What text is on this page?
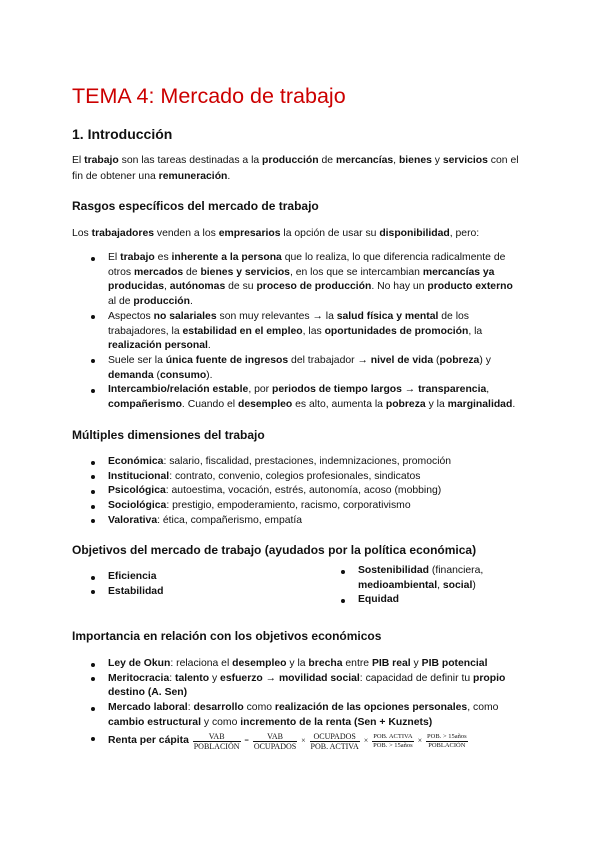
TEMA 4: Mercado de trabajo
1. Introducción

El trabajo son las tareas destinadas a la producción de mercancías, bienes y servicios con el
fin de obtener una remuneración.

Rasgos específicos del mercado de trabajo

Los trabajadores venden a los empresarios la opción de usar su disponibilidad, pero:

El trabajo es inherente a la persona que lo realiza, lo que diferencia radicalmente de
otros mercados de bienes y servicios, en los que se intercambian mercancías ya
producidas, autónomas de su proceso de producción. No hay un producto externo
al de producción.
Aspectos no salariales son muy relevantes → la salud física y mental de los
trabajadores, la estabilidad en el empleo, las oportunidades de promoción, la
realización personal.
Suele ser la única fuente de ingresos del trabajador → nivel de vida (pobreza) y
demanda (consumo).
Intercambio/relación estable, por periodos de tiempo largos → transparencia,
compañerismo. Cuando el desempleo es alto, aumenta la pobreza y la marginalidad.
Múltiples dimensiones del trabajo
Económica: salario, fiscalidad, prestaciones, indemnizaciones, promoción
Institucional: contrato, convenio, colegios profesionales, sindicatos
Psicológica: autoestima, vocación, estrés, autonomía, acoso (mobbing)
Sociológica: prestigio, empoderamiento, racismo, corporativismo
Valorativa: ética, compañerismo, empatía
Objetivos del mercado de trabajo (ayudados por la política económica)
Eficiencia
Estabilidad
Sostenibilidad (financiera,
medioambiental, social)
Equidad
Importancia en relación con los objetivos económicos
Ley de Okun: relaciona el desempleo y la brecha entre PIB real y PIB potencial
Meritocracia: talento y esfuerzo → movilidad social: capacidad de definir tu propio
destino (A. Sen)
Mercado laboral: desarrollo como realización de las opciones personales, como
cambio estructural y como incremento de la renta (Sen + Kuznets)
Renta per cápita $\frac{\text{VAB}}{\text{POBLACIÓN}} = \frac{\text{VAB}}{\text{OCUPADOS}} \times \frac{\text{OCUPADOS}}{\text{POB. ACTIVA}} \times \frac{\text{POB. ACTIVA}}{\text{POB. > 15años}} \times \frac{\text{POB. > 15años}}{\text{POBLACIÓN}}$
